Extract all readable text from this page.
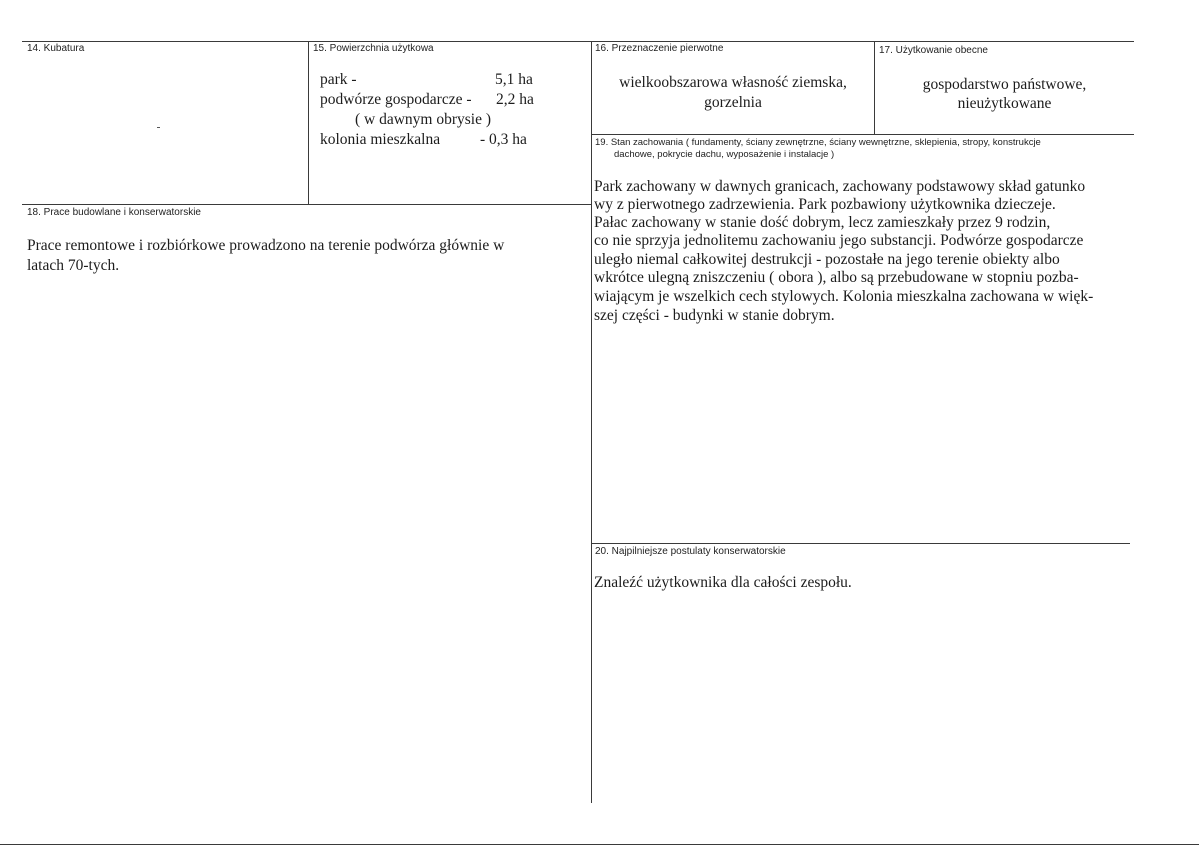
14. Kubatura	15. Powierzchnia użytkowa
park -	5,1 ha
podwórze gospodarcze - 2,2 ha
( w dawnym obrysie )
kolonia mieszkalna	- 0,3 ha
16. Przeznaczenie pierwotne
wielkoobszarowa własność ziemska,
gorzelnia
17. Użytkowanie obecne
gospodarstwo państwowe,
nieużytkowane
18. Prace budowlane i konserwatorskie
Prace remontowe i rozbiórkowe prowadzono na terenie podwórza głównie w
latach 70-tych.
19. Stan zachowania ( fundamenty, ściany zewnętrzne, ściany wewnętrzne, sklepienia, stropy, konstrukcje
dachowe, pokrycie dachu, wyposażenie i instalacje )
Park zachowany w dawnych granicach, zachowany podstawowy skład gatunko
wy z pierwotnego zadrzewienia. Park pozbawiony użytkownika dzieczeje.
Pałac zachowany w stanie dość dobrym, lecz zamieszkały przez 9 rodzin,
co nie sprzyja jednolitemu zachowaniu jego substancji. Podwórze gospodarcze
uległo niemal całkowitej destrukcji - pozostałe na jego terenie obiekty albo
wkrótce ulegną zniszczeniu ( obora ), albo są przebudowane w stopniu pozba-
wiającym je wszelkich cech stylowych. Kolonia mieszkalna zachowana w więk-
szej części - budynki w stanie dobrym.
20. Najpilniejsze postulaty konserwatorskie
Znaleźć użytkownika dla całości zespołu.
